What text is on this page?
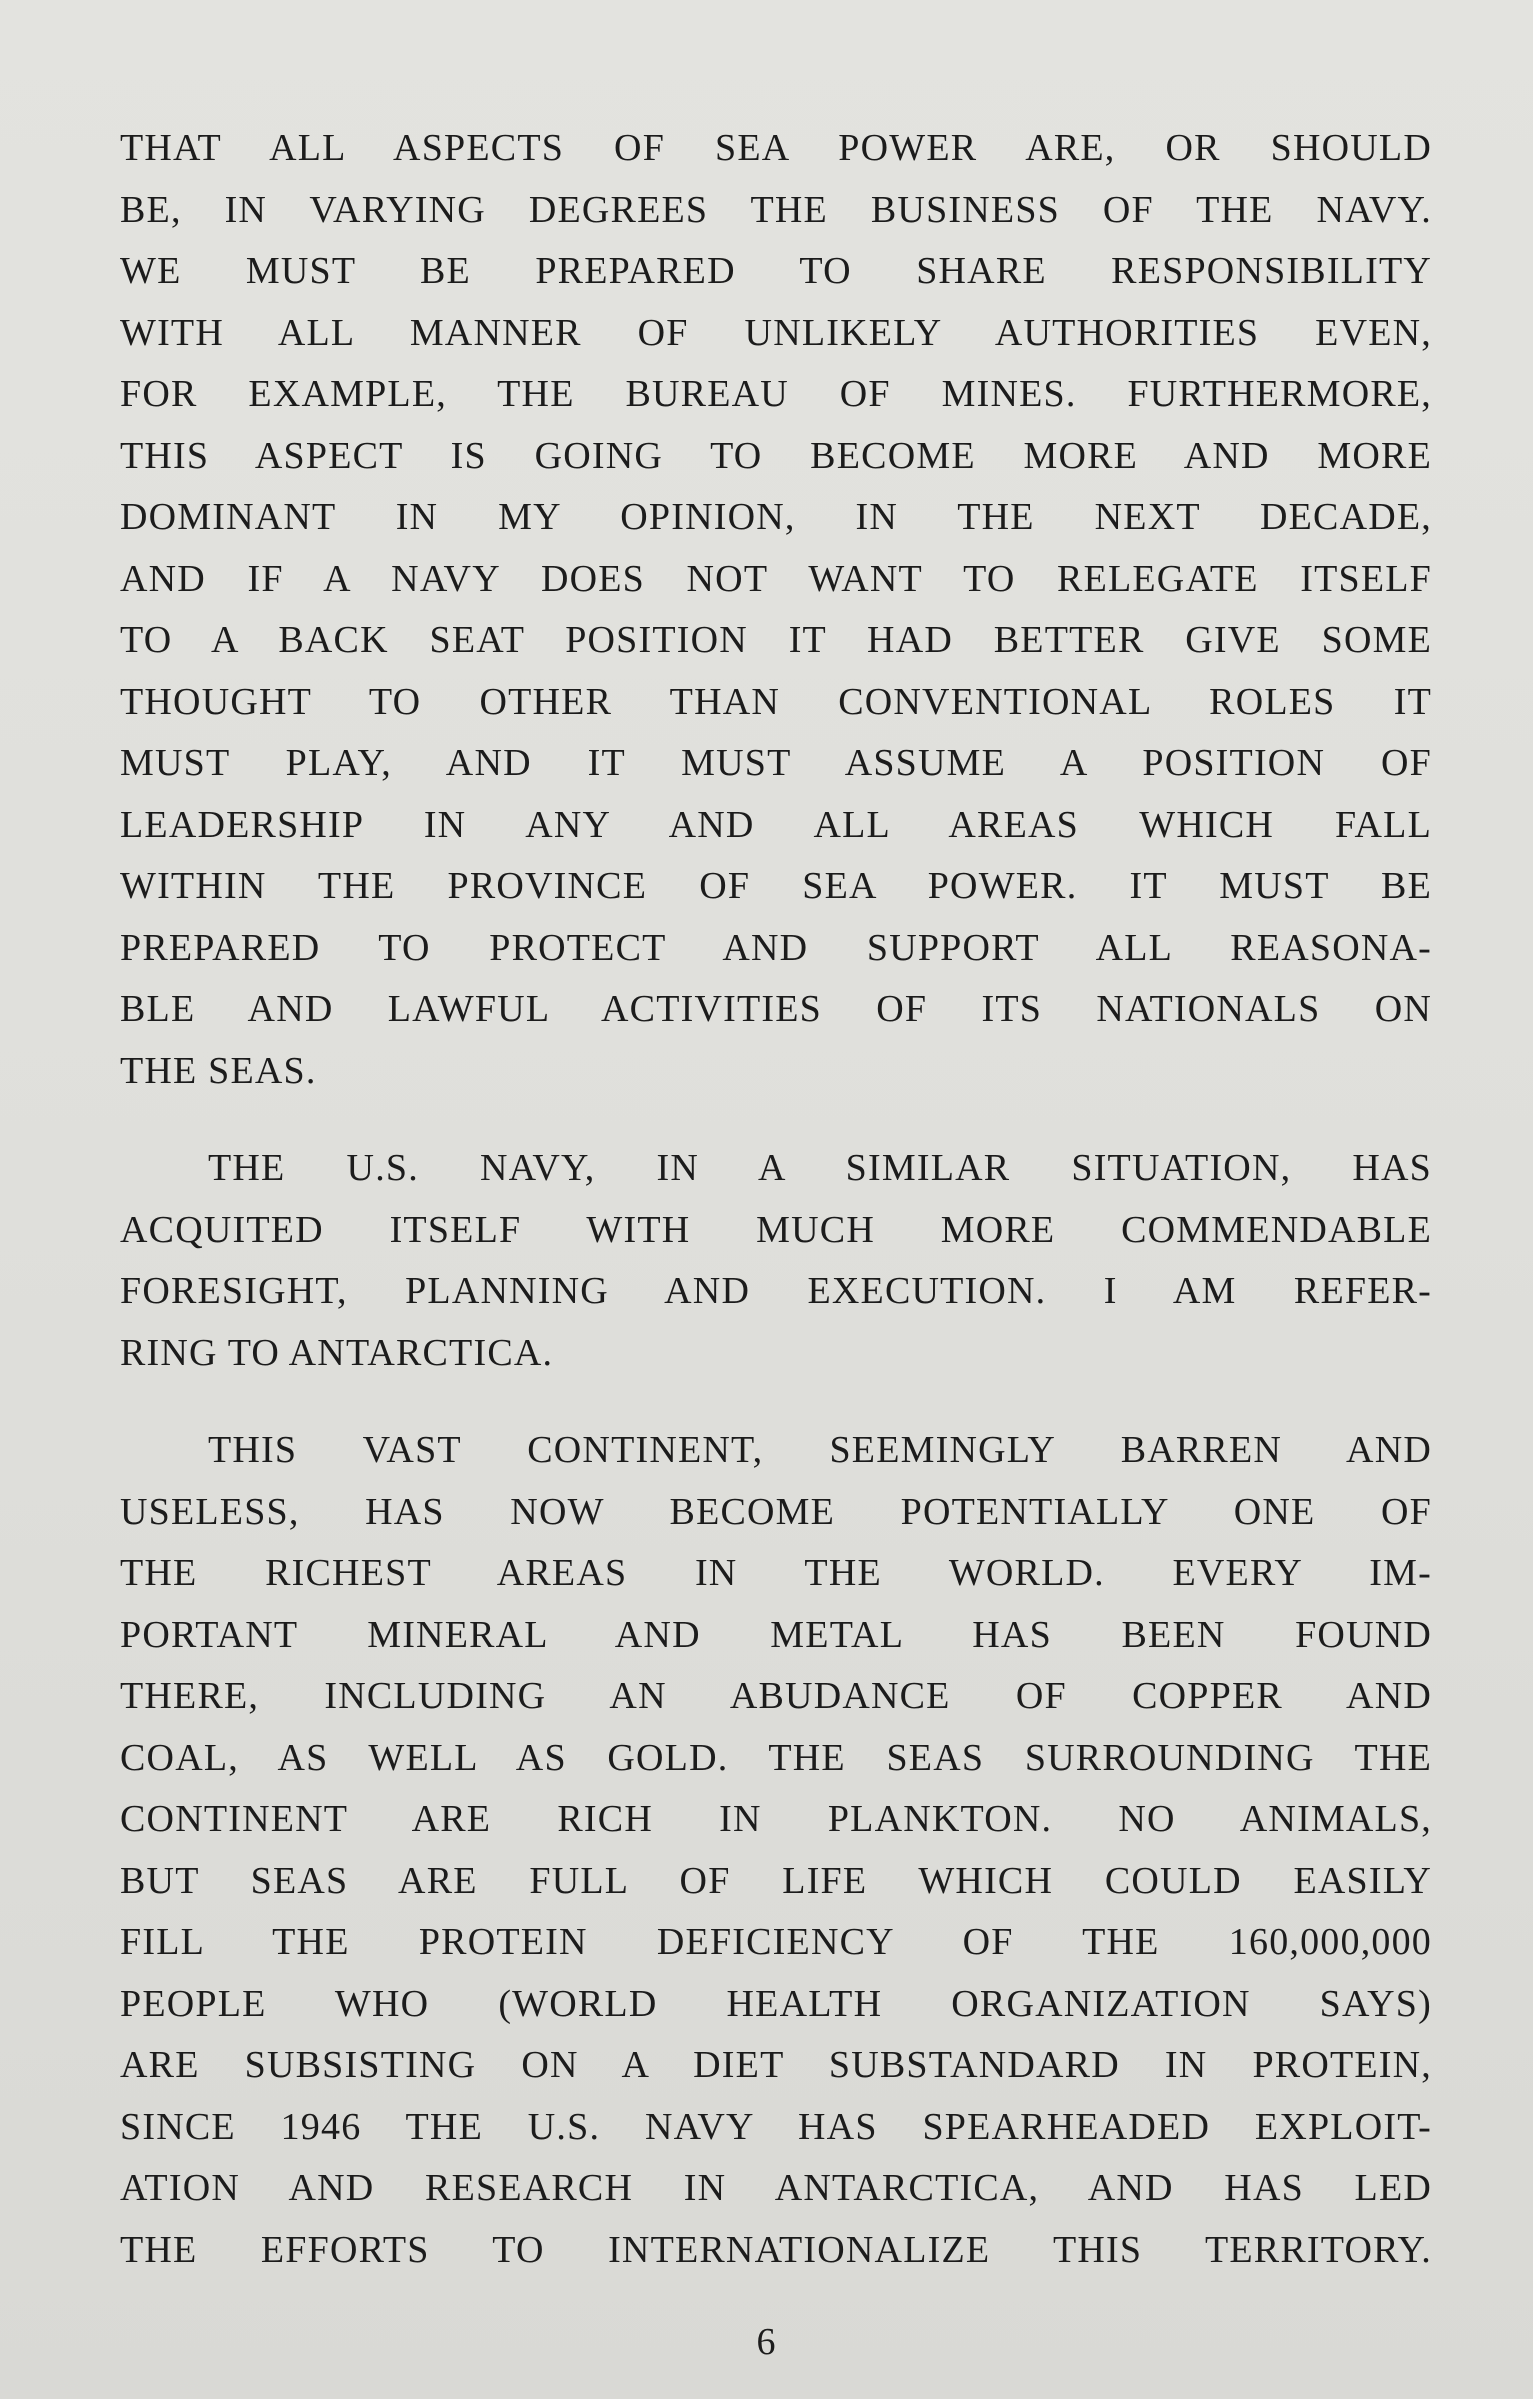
THAT ALL ASPECTS OF SEA POWER ARE, OR SHOULD
BE, IN VARYING DEGREES THE BUSINESS OF THE NAVY.
WE MUST BE PREPARED TO SHARE RESPONSIBILITY
WITH ALL MANNER OF UNLIKELY AUTHORITIES EVEN,
FOR EXAMPLE, THE BUREAU OF MINES. FURTHERMORE,
THIS ASPECT IS GOING TO BECOME MORE AND MORE
DOMINANT IN MY OPINION, IN THE NEXT DECADE,
AND IF A NAVY DOES NOT WANT TO RELEGATE ITSELF
TO A BACK SEAT POSITION IT HAD BETTER GIVE SOME
THOUGHT TO OTHER THAN CONVENTIONAL ROLES IT
MUST PLAY, AND IT MUST ASSUME A POSITION OF
LEADERSHIP IN ANY AND ALL AREAS WHICH FALL
WITHIN THE PROVINCE OF SEA POWER. IT MUST BE
PREPARED TO PROTECT AND SUPPORT ALL REASONA-
BLE AND LAWFUL ACTIVITIES OF ITS NATIONALS ON
THE SEAS.
THE U.S. NAVY, IN A SIMILAR SITUATION, HAS
ACQUITED ITSELF WITH MUCH MORE COMMENDABLE
FORESIGHT, PLANNING AND EXECUTION. I AM REFER-
RING TO ANTARCTICA.
THIS VAST CONTINENT, SEEMINGLY BARREN AND
USELESS, HAS NOW BECOME POTENTIALLY ONE OF
THE RICHEST AREAS IN THE WORLD. EVERY IM-
PORTANT MINERAL AND METAL HAS BEEN FOUND
THERE, INCLUDING AN ABUDANCE OF COPPER AND
COAL, AS WELL AS GOLD. THE SEAS SURROUNDING THE
CONTINENT ARE RICH IN PLANKTON. NO ANIMALS,
BUT SEAS ARE FULL OF LIFE WHICH COULD EASILY
FILL THE PROTEIN DEFICIENCY OF THE 160,000,000
PEOPLE WHO (WORLD HEALTH ORGANIZATION SAYS)
ARE SUBSISTING ON A DIET SUBSTANDARD IN PROTEIN,
SINCE 1946 THE U.S. NAVY HAS SPEARHEADED EXPLOIT-
ATION AND RESEARCH IN ANTARCTICA, AND HAS LED
THE EFFORTS TO INTERNATIONALIZE THIS TERRITORY.
6
